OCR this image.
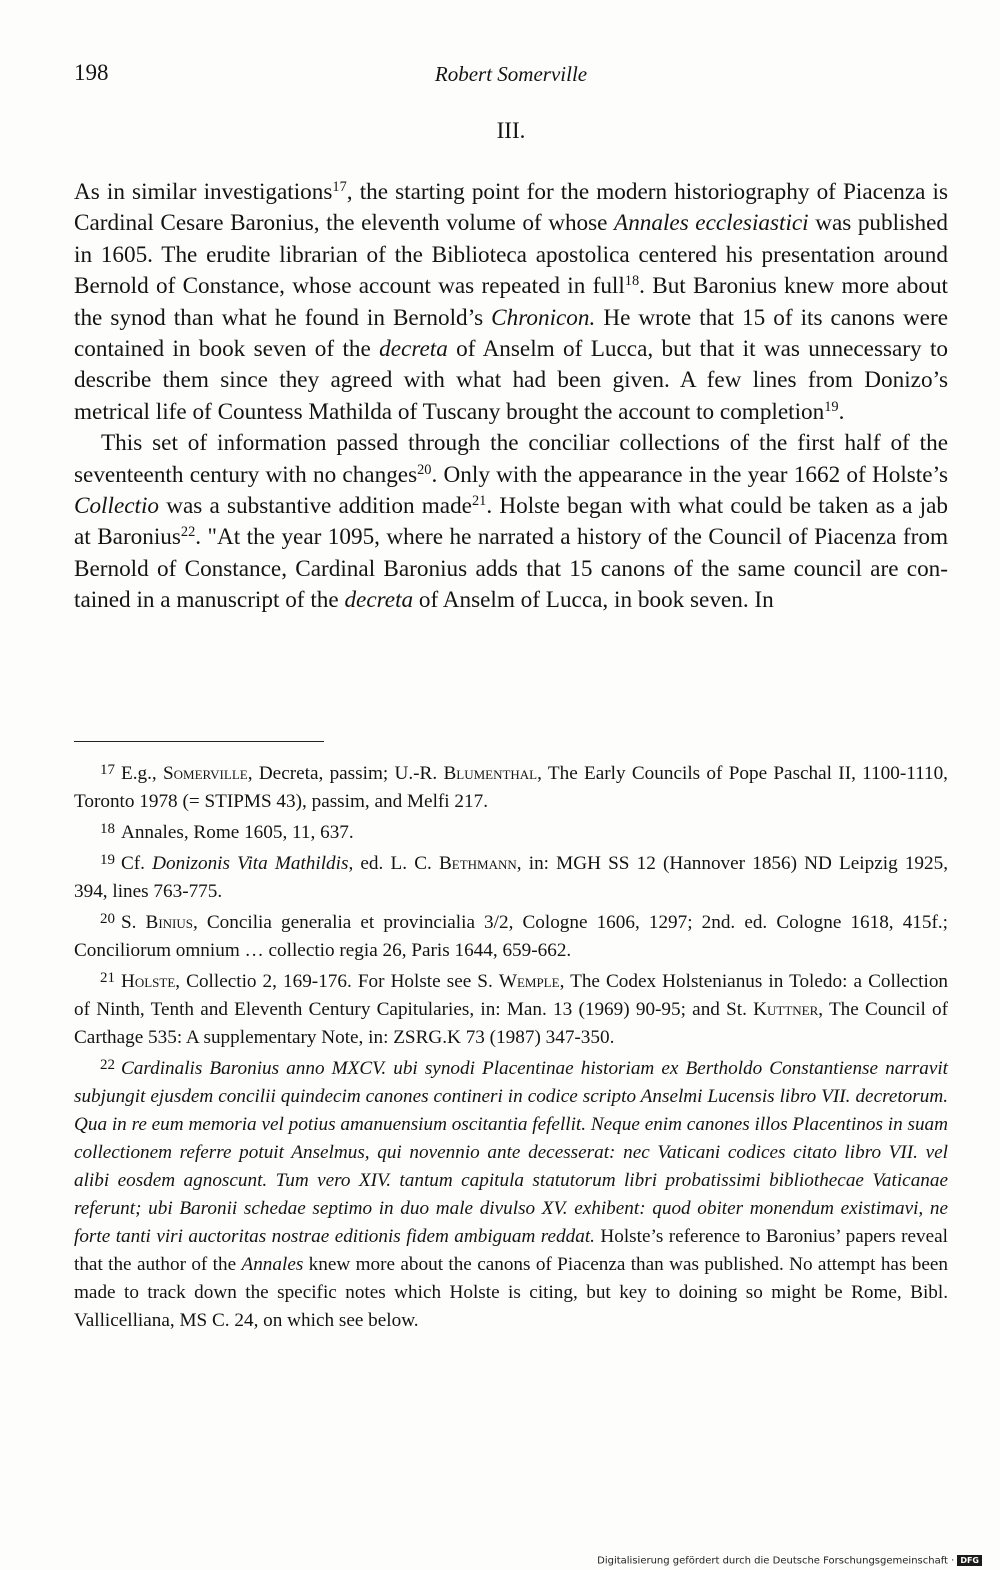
198	Robert Somerville
III.

As in similar investigations$^{17}$, the starting point for the modern historiography of Piacenza is Cardinal Cesare Baronius, the eleventh volume of whose Annales ecclesiastici was published in 1605. The erudite librarian of the Biblioteca apostolica centered his presentation around Bernold of Constance, whose account was repeated in full$^{18}$. But Baronius knew more about the synod than what he found in Bernold’s Chronicon. He wrote that 15 of its canons were contained in book seven of the decreta of Anselm of Lucca, but that it was unnecessary to describe them since they agreed with what had been given. A few lines from Donizo’s metrical life of Countess Mathilda of Tuscany brought the account to completion$^{19}$.

This set of information passed through the conciliar collections of the first half of the seventeenth century with no changes$^{20}$. Only with the appearance in the year 1662 of Holste’s Collectio was a substantive addition made$^{21}$. Holste began with what could be taken as a jab at Baronius$^{22}$. "At the year 1095, where he narrated a history of the Council of Piacenza from Bernold of Constance, Cardinal Baronius adds that 15 canons of the same council are contained in a manuscript of the decreta of Anselm of Lucca, in book seven. In

$^{17}$ E.g., Somerville, Decreta, passim; U.-R. Blumenthal, The Early Councils of Pope Paschal II, 1100-1110, Toronto 1978 (= STIPMS 43), passim, and Melfi 217.

$^{18}$ Annales, Rome 1605, 11, 637.

$^{19}$ Cf. Donizonis Vita Mathildis, ed. L. C. Bethmann, in: MGH SS 12 (Hannover 1856) ND Leipzig 1925, 394, lines 763-775.

$^{20}$ S. Binius, Concilia generalia et provincialia 3/2, Cologne 1606, 1297; 2nd. ed. Cologne 1618, 415f.; Conciliorum omnium … collectio regia 26, Paris 1644, 659-662.

$^{21}$ Holste, Collectio 2, 169-176. For Holste see S. Wemple, The Codex Holstenianus in Toledo: a Collection of Ninth, Tenth and Eleventh Century Capitularies, in: Man. 13 (1969) 90-95; and St. Kuttner, The Council of Carthage 535: A supplementary Note, in: ZSRG.K 73 (1987) 347-350.

$^{22}$ Cardinalis Baronius anno MXCV. ubi synodi Placentinae historiam ex Bertholdo Constantiense narravit subjungit ejusdem concilii quindecim canones contineri in codice scripto Anselmi Lucensis libro VII. decretorum. Qua in re eum memoria vel potius amanuensium oscitantia fefellit. Neque enim canones illos Placentinos in suam collectionem referre potuit Anselmus, qui novennio ante decesserat: nec Vaticani codices citato libro VII. vel alibi eosdem agnoscunt. Tum vero XIV. tantum capitula statutorum libri probatissimi bibliothecae Vaticanae referunt; ubi Baronii schedae septimo in duo male divulso XV. exhibent: quod obiter monendum existimavi, ne forte tanti viri auctoritas nostrae editionis fidem ambiguam reddat. Holste’s reference to Baronius’ papers reveal that the author of the Annales knew more about the canons of Piacenza than was published. No attempt has been made to track down the specific notes which Holste is citing, but key to doining so might be Rome, Bibl. Vallicelliana, MS C. 24, on which see below.

Digitalisierung gefördert durch die Deutsche Forschungsgemeinschaft · DFG
